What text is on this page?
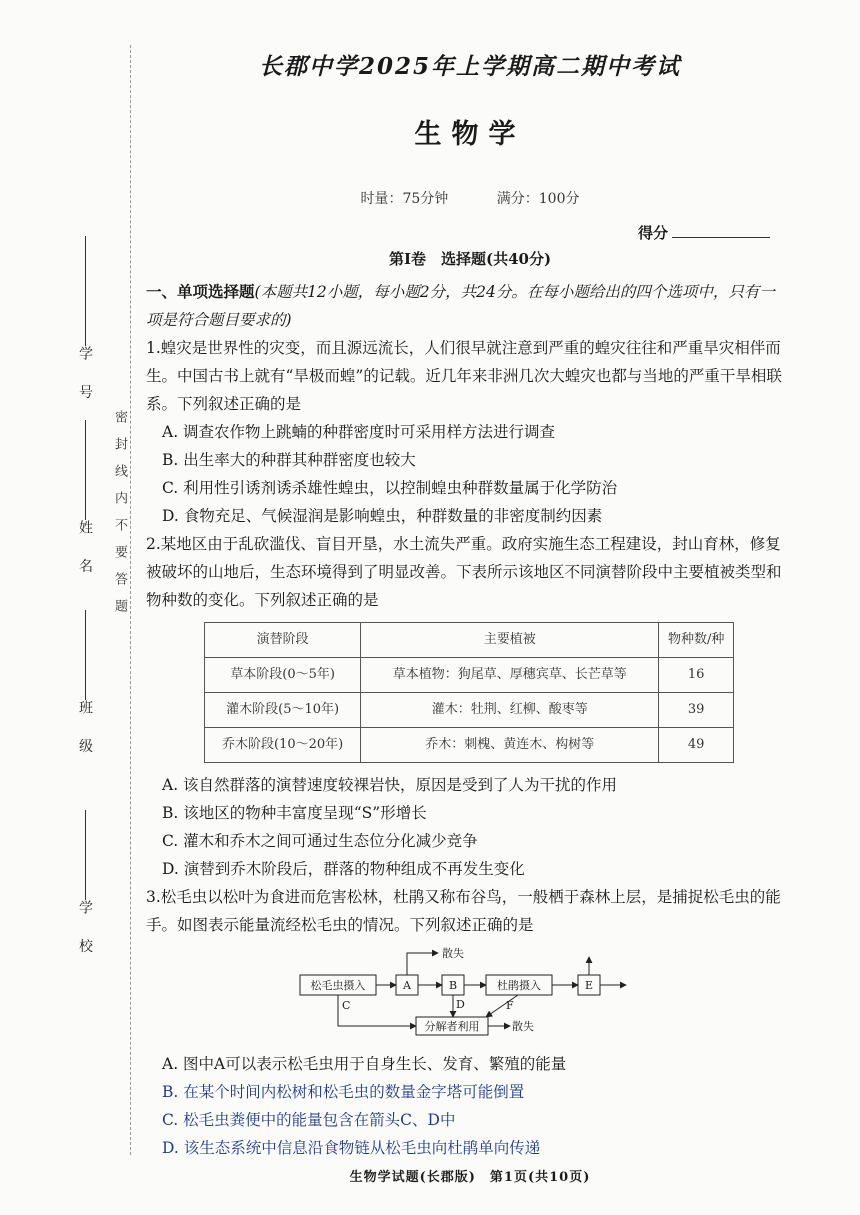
学 号
姓 名
班 级
学 校
密封线内不要答题
长郡中学2025年上学期高二期中考试
生物学
时量：75分钟	满分：100分
得分
第Ⅰ卷　选择题(共40分)

一、单项选择题(本题共12小题，每小题2分，共24分。在每小题给出的四个选项中，只有一项是符合题目要求的)

1.蝗灾是世界性的灾变，而且源远流长，人们很早就注意到严重的蝗灾往往和严重旱灾相伴而生。中国古书上就有“旱极而蝗”的记载。近几年来非洲几次大蝗灾也都与当地的严重干旱相联系。下列叙述正确的是

A. 调查农作物上跳蝻的种群密度时可采用样方法进行调查

B. 出生率大的种群其种群密度也较大

C. 利用性引诱剂诱杀雄性蝗虫，以控制蝗虫种群数量属于化学防治

D. 食物充足、气候湿润是影响蝗虫，种群数量的非密度制约因素

2.某地区由于乱砍滥伐、盲目开垦，水土流失严重。政府实施生态工程建设，封山育林，修复被破坏的山地后，生态环境得到了明显改善。下表所示该地区不同演替阶段中主要植被类型和物种数的变化。下列叙述正确的是

演替阶段	主要植被	物种数/种
草本阶段(0～5年)	草本植物：狗尾草、厚穗宾草、长芒草等	16
灌木阶段(5～10年)	灌木：牡荆、红柳、酸枣等	39
乔木阶段(10～20年)	乔木：刺槐、黄连木、构树等	49

A. 该自然群落的演替速度较裸岩快，原因是受到了人为干扰的作用

B. 该地区的物种丰富度呈现“S”形增长

C. 灌木和乔木之间可通过生态位分化减少竞争

D. 演替到乔木阶段后，群落的物种组成不再发生变化

3.松毛虫以松叶为食进而危害松林，杜鹃又称布谷鸟，一般栖于森林上层，是捕捉松毛虫的能手。如图表示能量流经松毛虫的情况。下列叙述正确的是

松毛虫摄入	A	B	杜鹃摄入	E
分解者利用
散失
散失
C	D	F

A. 图中A可以表示松毛虫用于自身生长、发育、繁殖的能量

B. 在某个时间内松树和松毛虫的数量金字塔可能倒置

C. 松毛虫粪便中的能量包含在箭头C、D中

D. 该生态系统中信息沿食物链从松毛虫向杜鹃单向传递

生物学试题(长郡版)　第1页(共10页)
